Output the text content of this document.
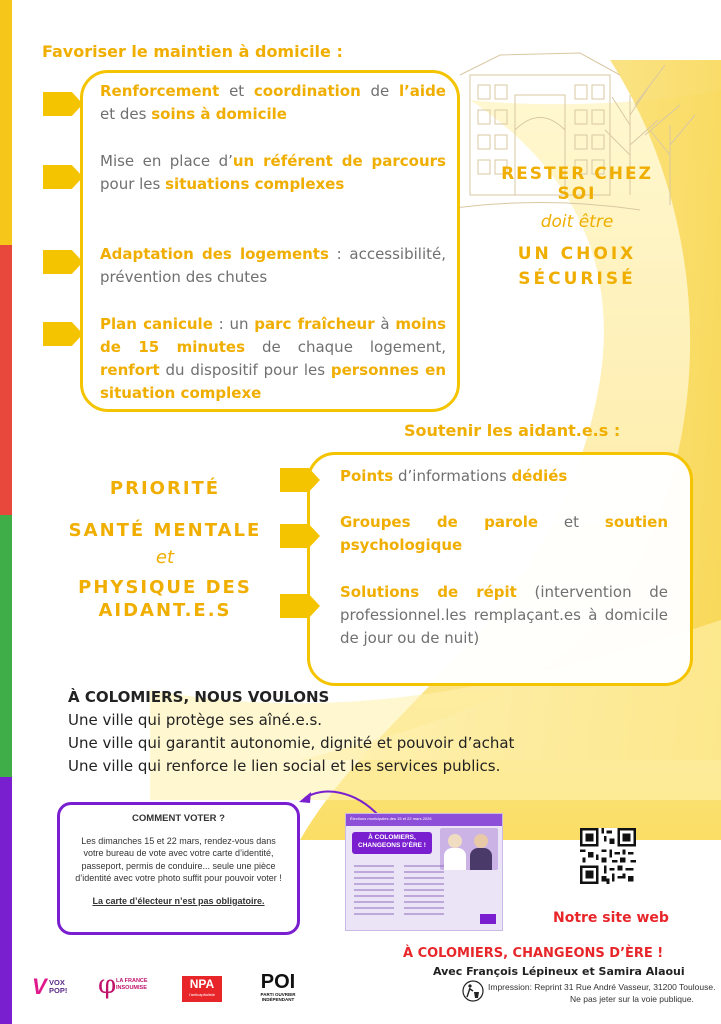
Favoriser le maintien à domicile :
Renforcement et coordination de l’aide et des soins à domicile
Mise en place d’un référent de parcours pour les situations complexes
Adaptation des logements : accessibilité, prévention des chutes
Plan canicule : un parc fraîcheur à moins de 15 minutes de chaque logement, renfort du dispositif pour les personnes en situation complexe
RESTER CHEZ SOI
doit être
UN CHOIX SÉCURISÉ
Soutenir les aidant.e.s :
Points d’informations dédiés
Groupes de parole et soutien psychologique
Solutions de répit (intervention de professionnel.les remplaçant.es à domicile de jour ou de nuit)
PRIORITÉ
SANTÉ MENTALE
et
PHYSIQUE DES AIDANT.E.S
À COLOMIERS, NOUS VOULONS
Une ville qui protège ses aîné.e.s.
Une ville qui garantit autonomie, dignité et pouvoir d’achat
Une ville qui renforce le lien social et les services publics.
COMMENT VOTER ?
Les dimanches 15 et 22 mars, rendez-vous dans votre bureau de vote avec votre carte d’identité, passeport, permis de conduire... seule une pièce d’identité avec votre photo suffit pour pouvoir voter !
La carte d’électeur n’est pas obligatoire.
Élections municipales des 15 et 22 mars 2026
À COLOMIERS, CHANGEONS D’ÈRE !
Notre site web
À COLOMIERS, CHANGEONS D’ÈRE !
Avec François Lépineux et Samira Alaoui
Impression: Reprint 31 Rue André Vasseur, 31200 Toulouse.
Ne pas jeter sur la voie publique.
V VOX POP!	φ LA FRANCE INSOUMISE	NPA
l'anticapitaliste
POI
PARTI OUVRIER INDÉPENDANT
